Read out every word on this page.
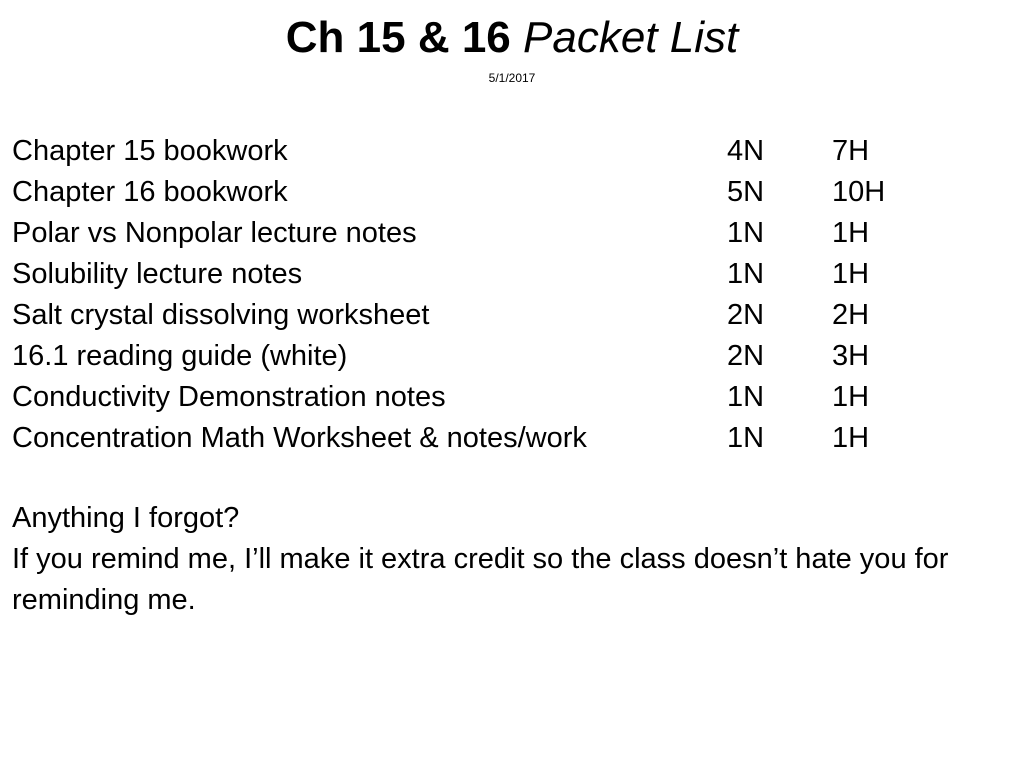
Ch 15 & 16 Packet List
5/1/2017
Chapter 15 bookwork	4N 7H
Chapter 16 bookwork	5N 10H
Polar vs Nonpolar lecture notes	1N 1H
Solubility lecture notes	1N 1H
Salt crystal dissolving worksheet	2N 2H
16.1 reading guide (white)	2N 3H
Conductivity Demonstration notes	1N 1H
Concentration Math Worksheet & notes/work	1N 1H
Anything I forgot?
If you remind me, I’ll make it extra credit so the class doesn’t hate you for reminding me.
